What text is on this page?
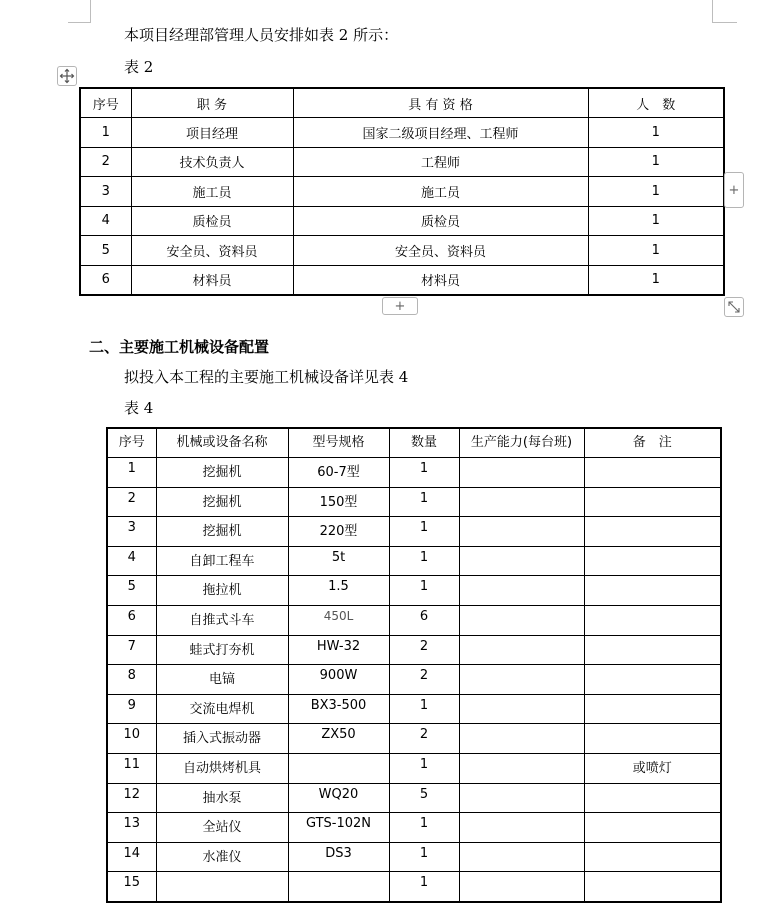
本项目经理部管理人员安排如表 2 所示：
表 2
序号	职 务	具 有 资 格	人　数
1	项目经理	国家二级项目经理、工程师	1
2	技术负责人	工程师	1
3	施工员	施工员	1
4	质检员	质检员	1
5	安全员、资料员	安全员、资料员	1
6	材料员	材料员	1
+
+
二、主要施工机械设备配置
拟投入本工程的主要施工机械设备详见表 4
表 4
序号	机械或设备名称	型号规格	数量	生产能力(每台班)	备　注
1	挖掘机	60-7型	1		
2	挖掘机	150型	1		
3	挖掘机	220型	1		
4	自卸工程车	5t	1		
5	拖拉机	1.5	1		
6	自推式斗车	450L	6		
7	蛙式打夯机	HW-32	2		
8	电镐	900W	2		
9	交流电焊机	BX3-500	1		
10	插入式振动器	ZX50	2		
11	自动烘烤机具		1		或喷灯
12	抽水泵	WQ20	5		
13	全站仪	GTS-102N	1		
14	水准仪	DS3	1		
15			1		
